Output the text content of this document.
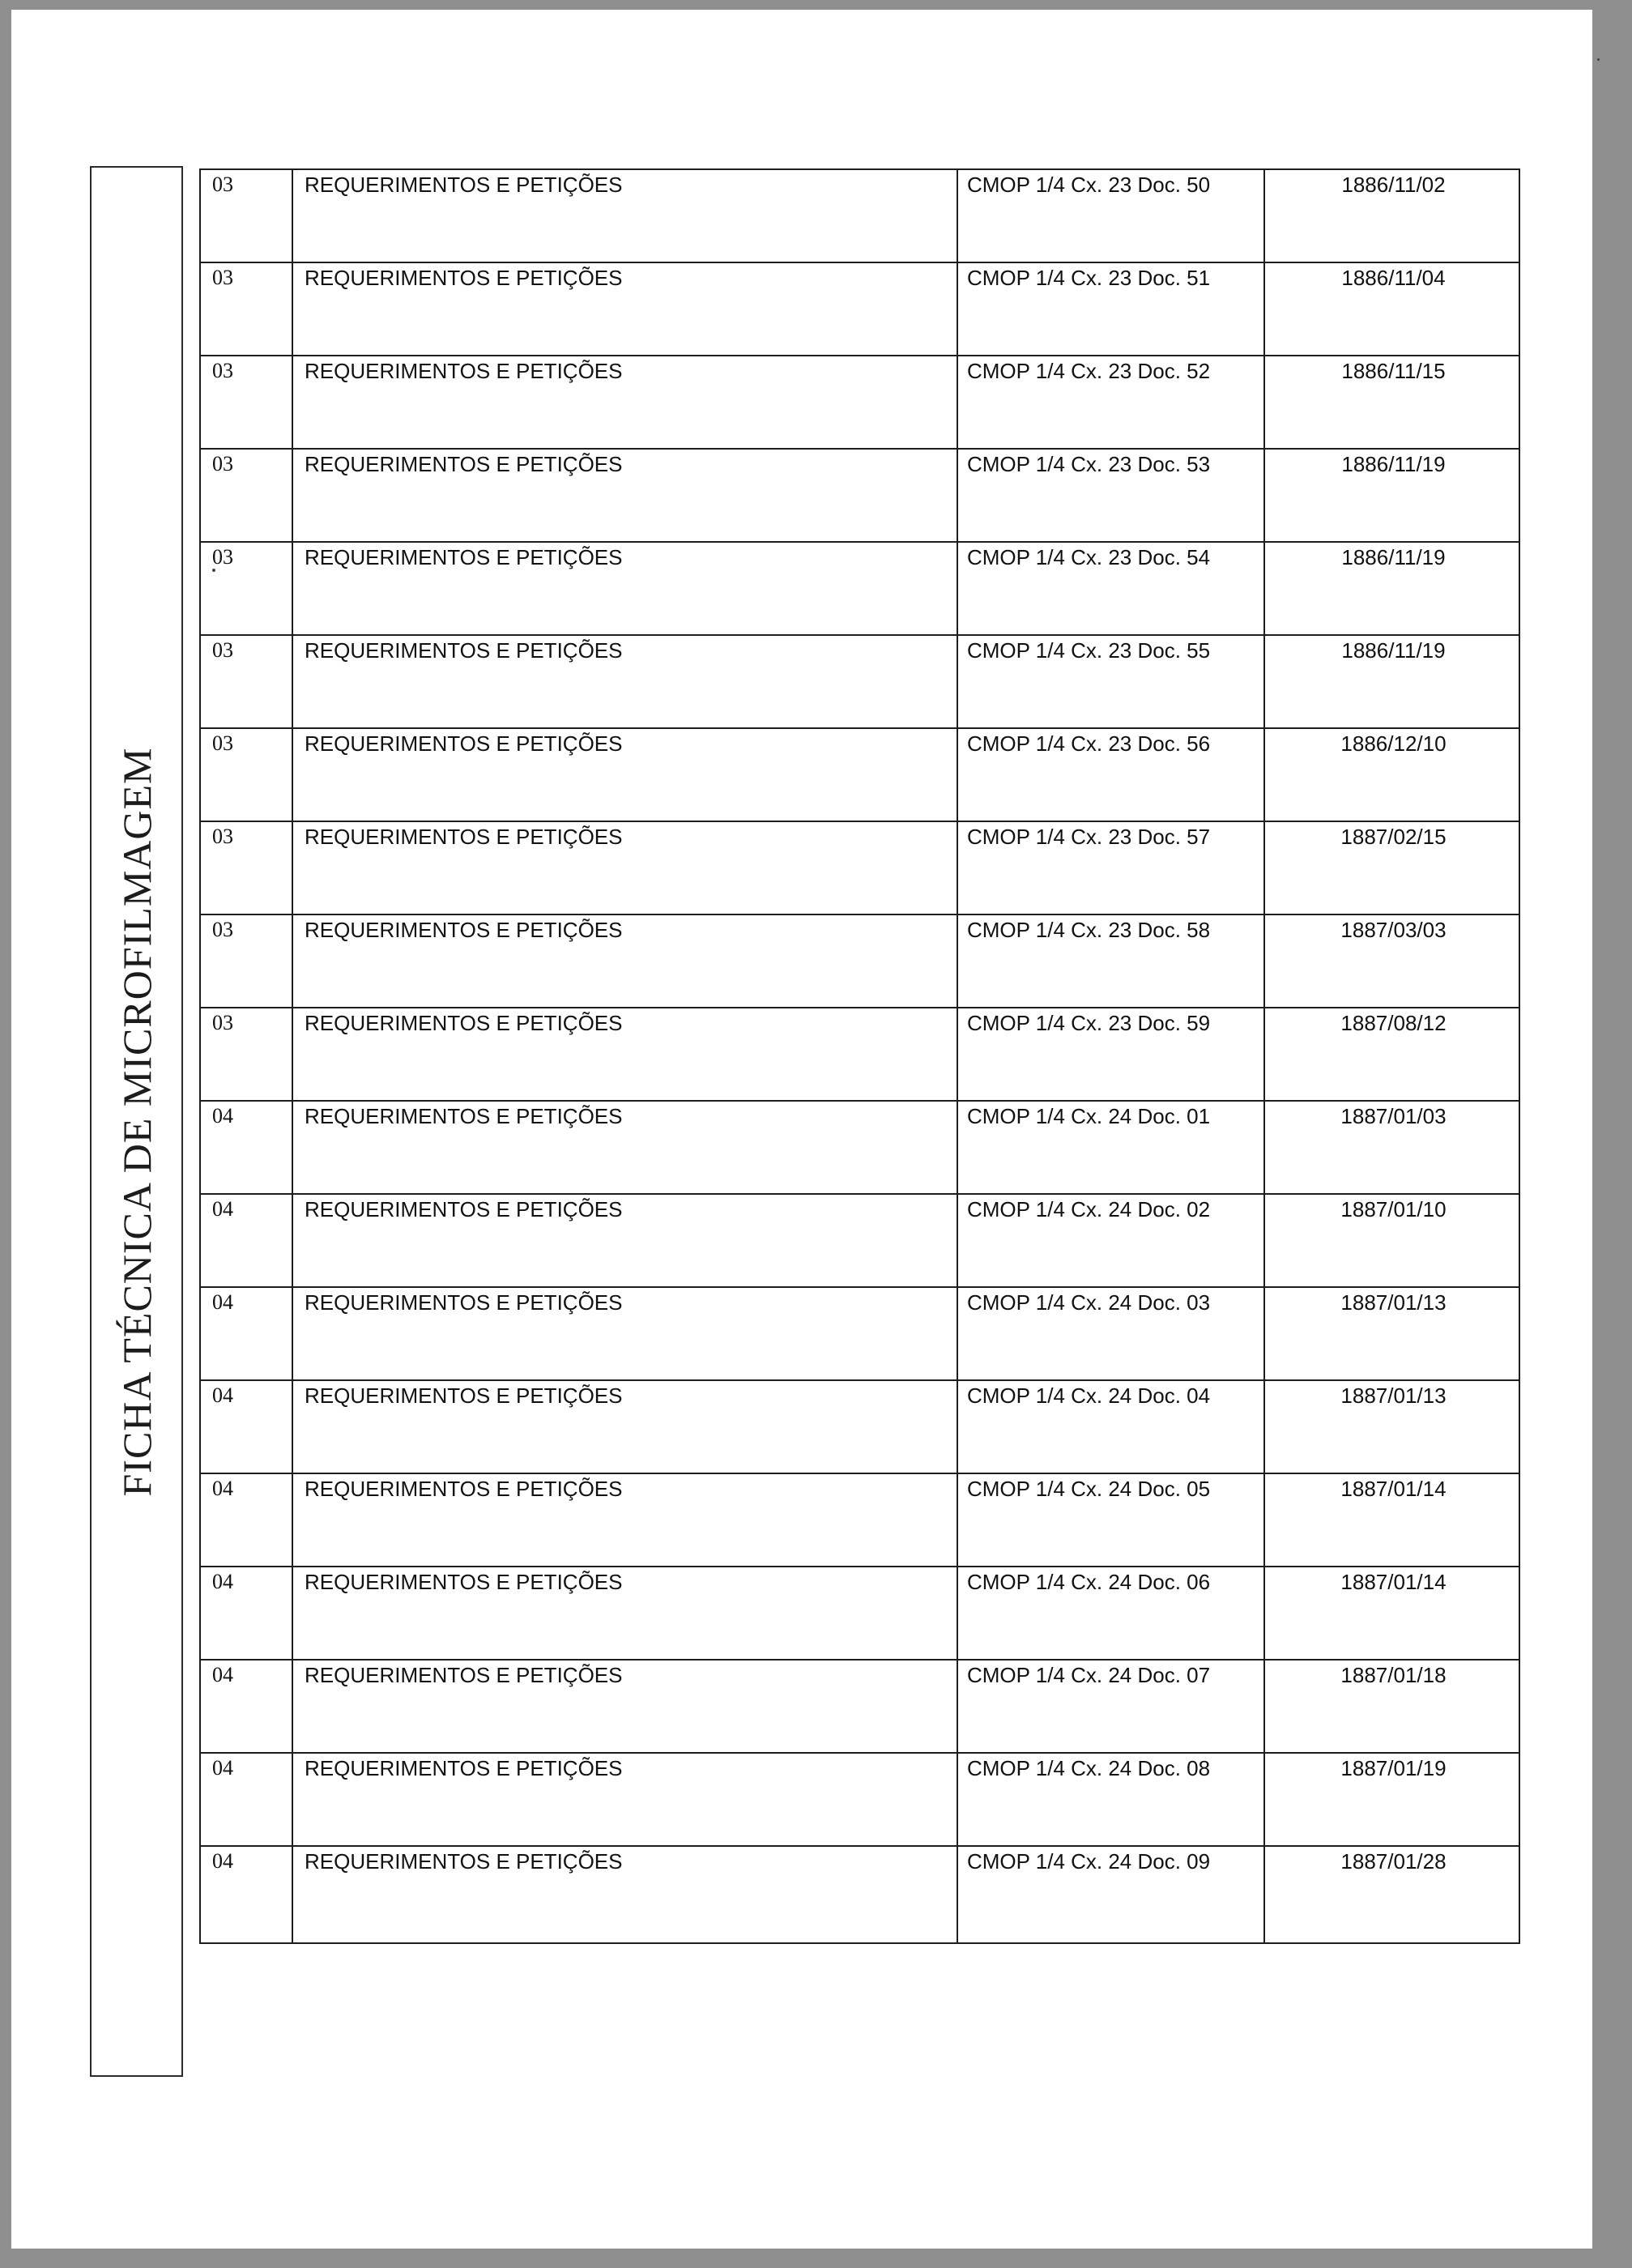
FICHA TÉCNICA DE MICROFILMAGEM
03	REQUERIMENTOS E PETIÇÕES	CMOP 1/4 Cx. 23 Doc. 50	1886/11/02
03	REQUERIMENTOS E PETIÇÕES	CMOP 1/4 Cx. 23 Doc. 51	1886/11/04
03	REQUERIMENTOS E PETIÇÕES	CMOP 1/4 Cx. 23 Doc. 52	1886/11/15
03	REQUERIMENTOS E PETIÇÕES	CMOP 1/4 Cx. 23 Doc. 53	1886/11/19
03	REQUERIMENTOS E PETIÇÕES	CMOP 1/4 Cx. 23 Doc. 54	1886/11/19
03	REQUERIMENTOS E PETIÇÕES	CMOP 1/4 Cx. 23 Doc. 55	1886/11/19
03	REQUERIMENTOS E PETIÇÕES	CMOP 1/4 Cx. 23 Doc. 56	1886/12/10
03	REQUERIMENTOS E PETIÇÕES	CMOP 1/4 Cx. 23 Doc. 57	1887/02/15
03	REQUERIMENTOS E PETIÇÕES	CMOP 1/4 Cx. 23 Doc. 58	1887/03/03
03	REQUERIMENTOS E PETIÇÕES	CMOP 1/4 Cx. 23 Doc. 59	1887/08/12
04	REQUERIMENTOS E PETIÇÕES	CMOP 1/4 Cx. 24 Doc. 01	1887/01/03
04	REQUERIMENTOS E PETIÇÕES	CMOP 1/4 Cx. 24 Doc. 02	1887/01/10
04	REQUERIMENTOS E PETIÇÕES	CMOP 1/4 Cx. 24 Doc. 03	1887/01/13
04	REQUERIMENTOS E PETIÇÕES	CMOP 1/4 Cx. 24 Doc. 04	1887/01/13
04	REQUERIMENTOS E PETIÇÕES	CMOP 1/4 Cx. 24 Doc. 05	1887/01/14
04	REQUERIMENTOS E PETIÇÕES	CMOP 1/4 Cx. 24 Doc. 06	1887/01/14
04	REQUERIMENTOS E PETIÇÕES	CMOP 1/4 Cx. 24 Doc. 07	1887/01/18
04	REQUERIMENTOS E PETIÇÕES	CMOP 1/4 Cx. 24 Doc. 08	1887/01/19
04	REQUERIMENTOS E PETIÇÕES	CMOP 1/4 Cx. 24 Doc. 09	1887/01/28
